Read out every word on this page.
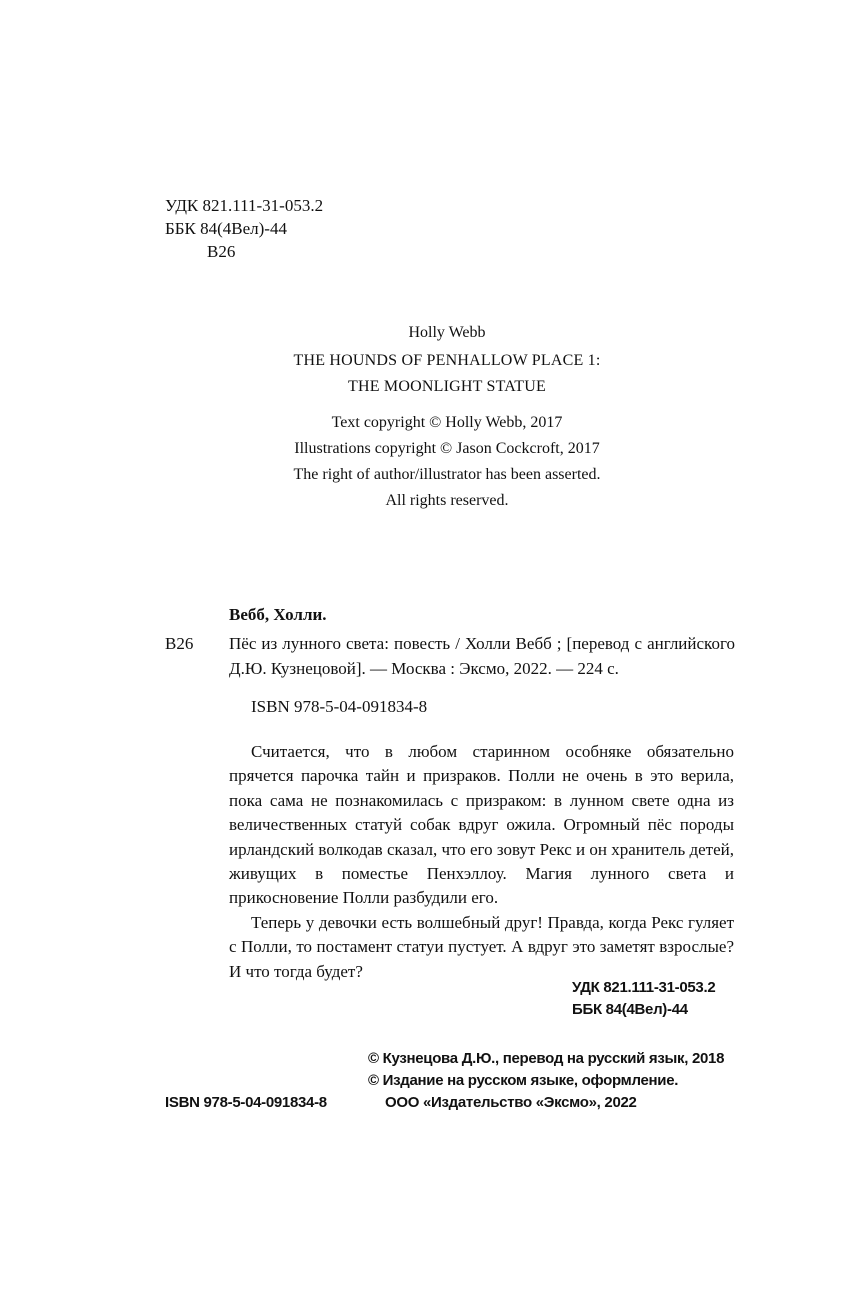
УДК 821.111-31-053.2
ББК 84(4Вел)-44
В26
Holly Webb
THE HOUNDS OF PENHALLOW PLACE 1:
THE MOONLIGHT STATUE
Text copyright © Holly Webb, 2017
Illustrations copyright © Jason Cockcroft, 2017
The right of author/illustrator has been asserted.
All rights reserved.
Вебб, Холли.
В26	Пёс из лунного света: повесть / Холли Вебб ; [перевод с английского Д.Ю. Кузнецовой]. — Москва : Эксмо, 2022. — 224 с.
ISBN 978-5-04-091834-8

Считается, что в любом старинном особняке обязательно прячется парочка тайн и призраков. Полли не очень в это верила, пока сама не познакомилась с призраком: в лунном свете одна из величественных статуй собак вдруг ожила. Огромный пёс породы ирландский волкодав сказал, что его зовут Рекс и он хранитель детей, живущих в поместье Пенхэллоу. Магия лунного света и прикосновение Полли разбудили его.

Теперь у девочки есть волшебный друг! Правда, когда Рекс гуляет с Полли, то постамент статуи пустует. А вдруг это заметят взрослые? И что тогда будет?

УДК 821.111-31-053.2
ББК 84(4Вел)-44
© Кузнецова Д.Ю., перевод на русский язык, 2018
© Издание на русском языке, оформление.
ООО «Издательство «Эксмо», 2022
ISBN 978-5-04-091834-8
